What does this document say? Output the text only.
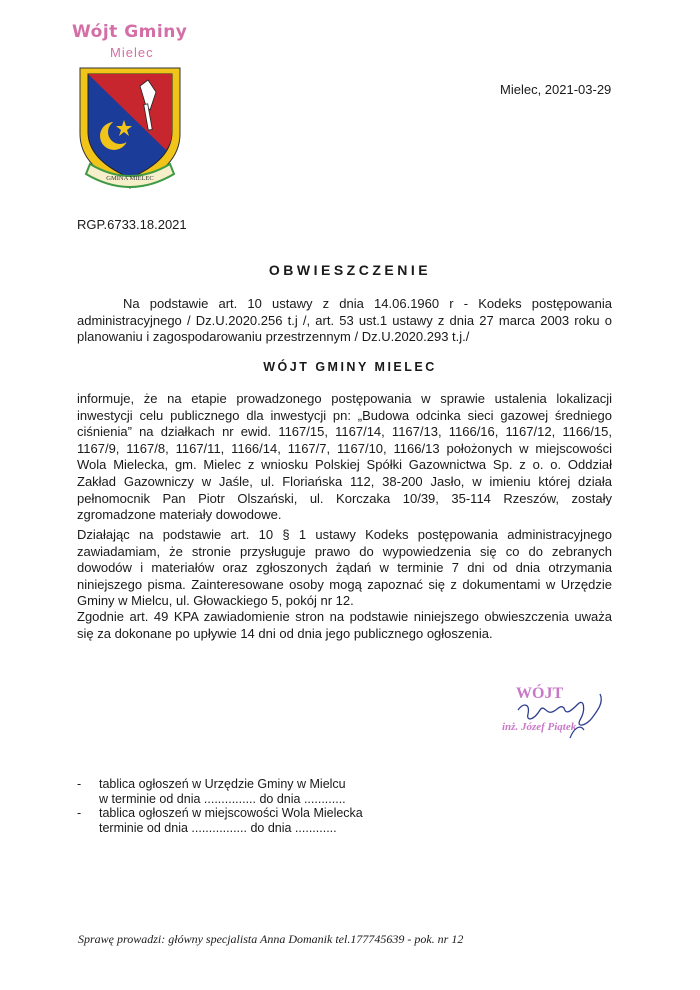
Wójt Gminy
Mielec
GMINA MIELEC
Mielec, 2021-03-29
RGP.6733.18.2021
OBWIESZCZENIE

Na podstawie art. 10 ustawy z dnia 14.06.1960 r - Kodeks postępowania administracyjnego / Dz.U.2020.256 t.j /, art. 53 ust.1 ustawy z dnia 27 marca 2003 roku o planowaniu i zagospodarowaniu przestrzennym / Dz.U.2020.293 t.j./

WÓJT GMINY MIELEC

informuje, że na etapie prowadzonego postępowania w sprawie ustalenia lokalizacji inwestycji celu publicznego dla inwestycji pn: „Budowa odcinka sieci gazowej średniego ciśnienia” na działkach nr ewid. 1167/15, 1167/14, 1167/13, 1166/16, 1167/12, 1166/15, 1167/9, 1167/8, 1167/11, 1166/14, 1167/7, 1167/10, 1166/13 położonych w miejscowości Wola Mielecka, gm. Mielec z wniosku Polskiej Spółki Gazownictwa Sp. z o. o. Oddział Zakład Gazowniczy w Jaśle, ul. Floriańska 112, 38-200 Jasło, w imieniu której działa pełnomocnik Pan Piotr Olszański, ul. Korczaka 10/39, 35-114 Rzeszów, zostały zgromadzone materiały dowodowe.

Działając na podstawie art. 10 § 1 ustawy Kodeks postępowania administracyjnego zawiadamiam, że stronie przysługuje prawo do wypowiedzenia się co do zebranych dowodów i materiałów oraz zgłoszonych żądań w terminie 7 dni od dnia otrzymania niniejszego pisma. Zainteresowane osoby mogą zapoznać się z dokumentami w Urzędzie Gminy w Mielcu, ul. Głowackiego 5, pokój nr 12.

Zgodnie art. 49 KPA zawiadomienie stron na podstawie niniejszego obwieszczenia uważa się za dokonane po upływie 14 dni od dnia jego publicznego ogłoszenia.

WÓJT
inż. Józef Piątek
- tablica ogłoszeń w Urzędzie Gminy w Mielcu
w terminie od dnia ............... do dnia ............
- tablica ogłoszeń w miejscowości Wola Mielecka
terminie od dnia ................ do dnia ............
Sprawę prowadzi: główny specjalista Anna Domanik tel.177745639 - pok. nr 12
